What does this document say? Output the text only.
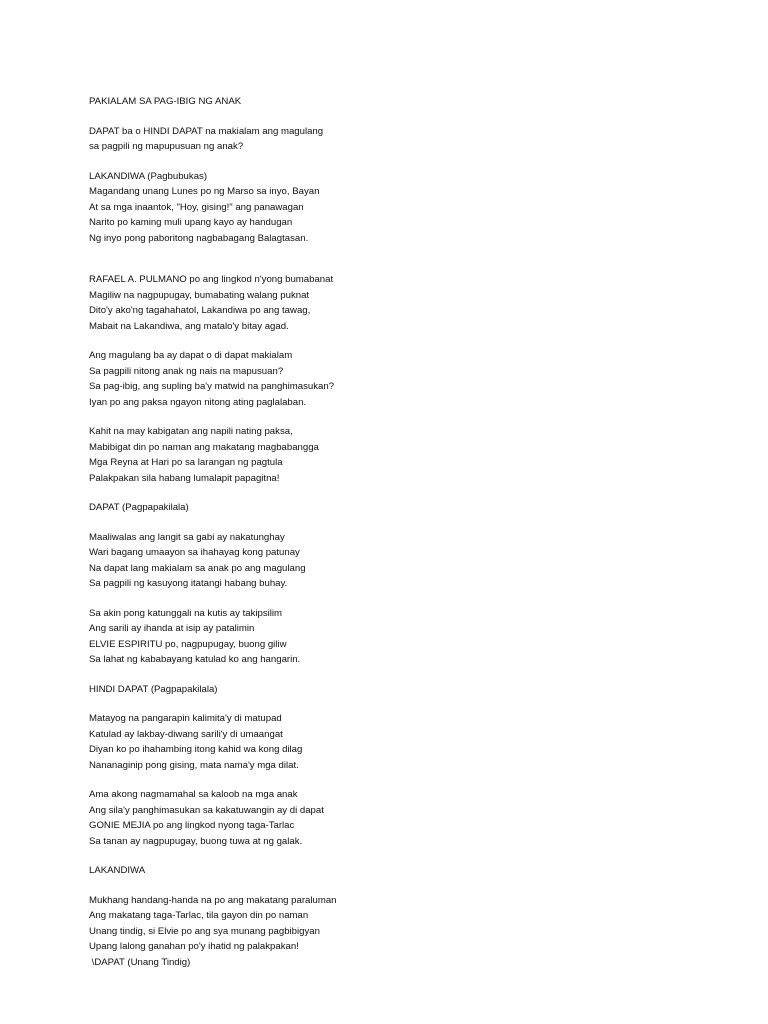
PAKIALAM SA PAG-IBIG NG ANAK
DAPAT ba o HINDI DAPAT na makialam ang magulang
sa pagpili ng mapupusuan ng anak?
LAKANDIWA (Pagbubukas)
Magandang unang Lunes po ng Marso sa inyo, Bayan
At sa mga inaantok, "Hoy, gising!" ang panawagan
Narito po kaming muli upang kayo ay handugan
Ng inyo pong paboritong nagbabagang Balagtasan.
RAFAEL A. PULMANO po ang lingkod n'yong bumabanat
Magiliw na nagpupugay, bumabating walang puknat
Dito'y ako'ng tagahahatol, Lakandiwa po ang tawag,
Mabait na Lakandiwa, ang matalo'y bitay agad.
Ang magulang ba ay dapat o di dapat makialam
Sa pagpili nitong anak ng nais na mapusuan?
Sa pag-ibig, ang supling ba'y matwid na panghimasukan?
Iyan po ang paksa ngayon nitong ating paglalaban.
Kahit na may kabigatan ang napili nating paksa,
Mabibigat din po naman ang makatang magbabangga
Mga Reyna at Hari po sa larangan ng pagtula
Palakpakan sila habang lumalapit papagitna!
DAPAT (Pagpapakilala)
Maaliwalas ang langit sa gabi ay nakatunghay
Wari bagang umaayon sa ihahayag kong patunay
Na dapat lang makialam sa anak po ang magulang
Sa pagpili ng kasuyong itatangi habang buhay.
Sa akin pong katunggali na kutis ay takipsilim
Ang sarili ay ihanda at isip ay patalimin
ELVIE ESPIRITU po, nagpupugay, buong giliw
Sa lahat ng kababayang katulad ko ang hangarin.
HINDI DAPAT (Pagpapakilala)
Matayog na pangarapin kalimita'y di matupad
Katulad ay lakbay-diwang sarili'y di umaangat
Diyan ko po ihahambing itong kahid wa kong dilag
Nananaginip pong gising, mata nama'y mga dilat.
Ama akong nagmamahal sa kaloob na mga anak
Ang sila'y panghimasukan sa kakatuwangin ay di dapat
GONIE MEJIA po ang lingkod nyong taga-Tarlac
Sa tanan ay nagpupugay, buong tuwa at ng galak.
LAKANDIWA
Mukhang handang-handa na po ang makatang paraluman
Ang makatang taga-Tarlac, tila gayon din po naman
Unang tindig, si Elvie po ang sya munang pagbibigyan
Upang lalong ganahan po'y ihatid ng palakpakan!
\DAPAT (Unang Tindig)
